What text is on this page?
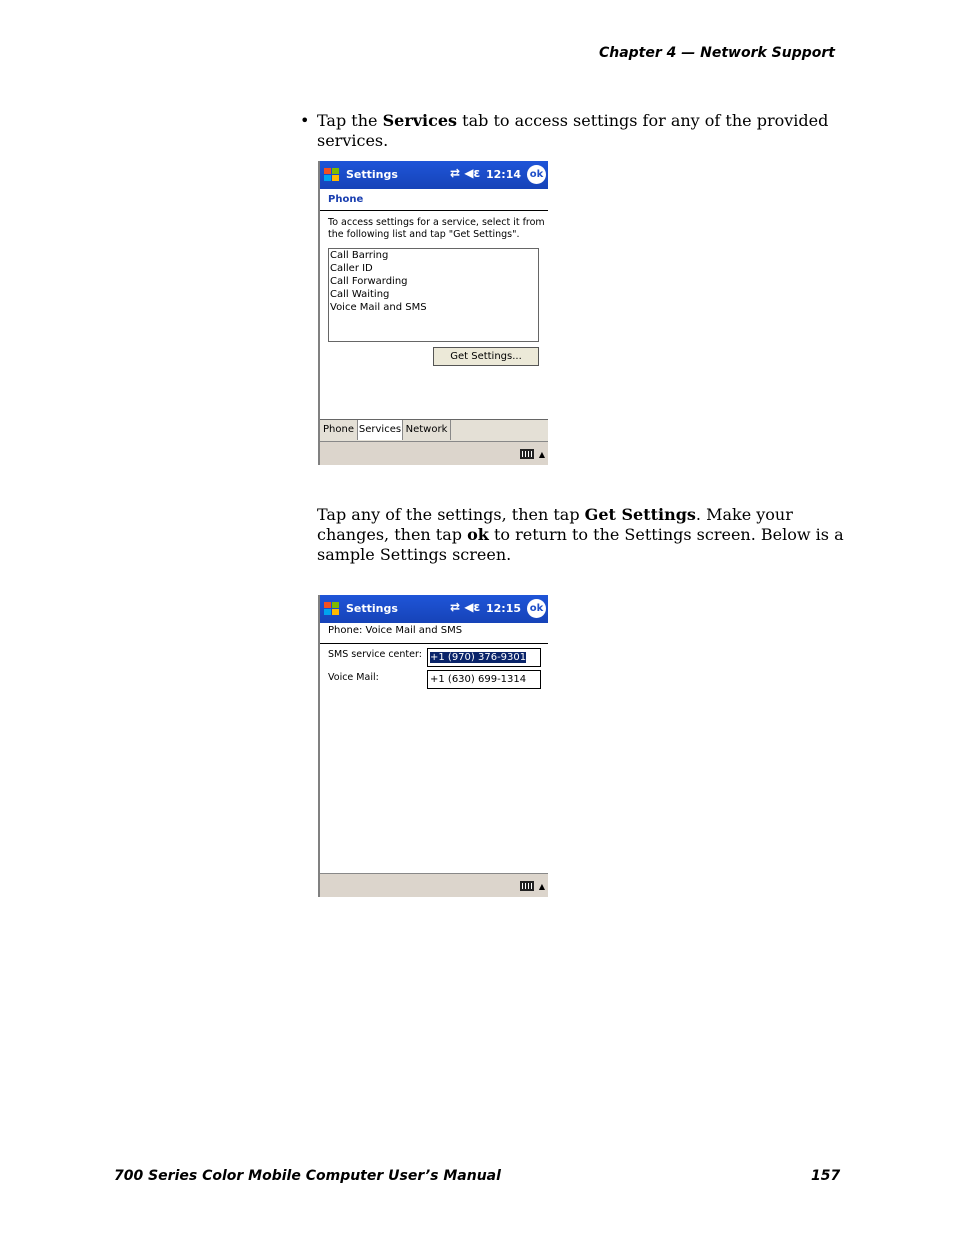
Chapter 4 — Network Support
• Tap the Services tab to access settings for any of the provided services.
Settings	⇄ ◀ε 12:14 ok
Phone
To access settings for a service, select it from
the following list and tap "Get Settings".
Call Barring
Caller ID
Call Forwarding
Call Waiting
Voice Mail and SMS
Get Settings...
Phone Services Network
▲
Tap any of the settings, then tap Get Settings. Make your changes, then tap ok to return to the Settings screen. Below is a sample Settings screen.
Settings	⇄ ◀ε 12:15 ok
Phone: Voice Mail and SMS
SMS service center: +1 (970) 376-9301
Voice Mail:	+1 (630) 699-1314
▲
700 Series Color Mobile Computer User’s Manual	157
